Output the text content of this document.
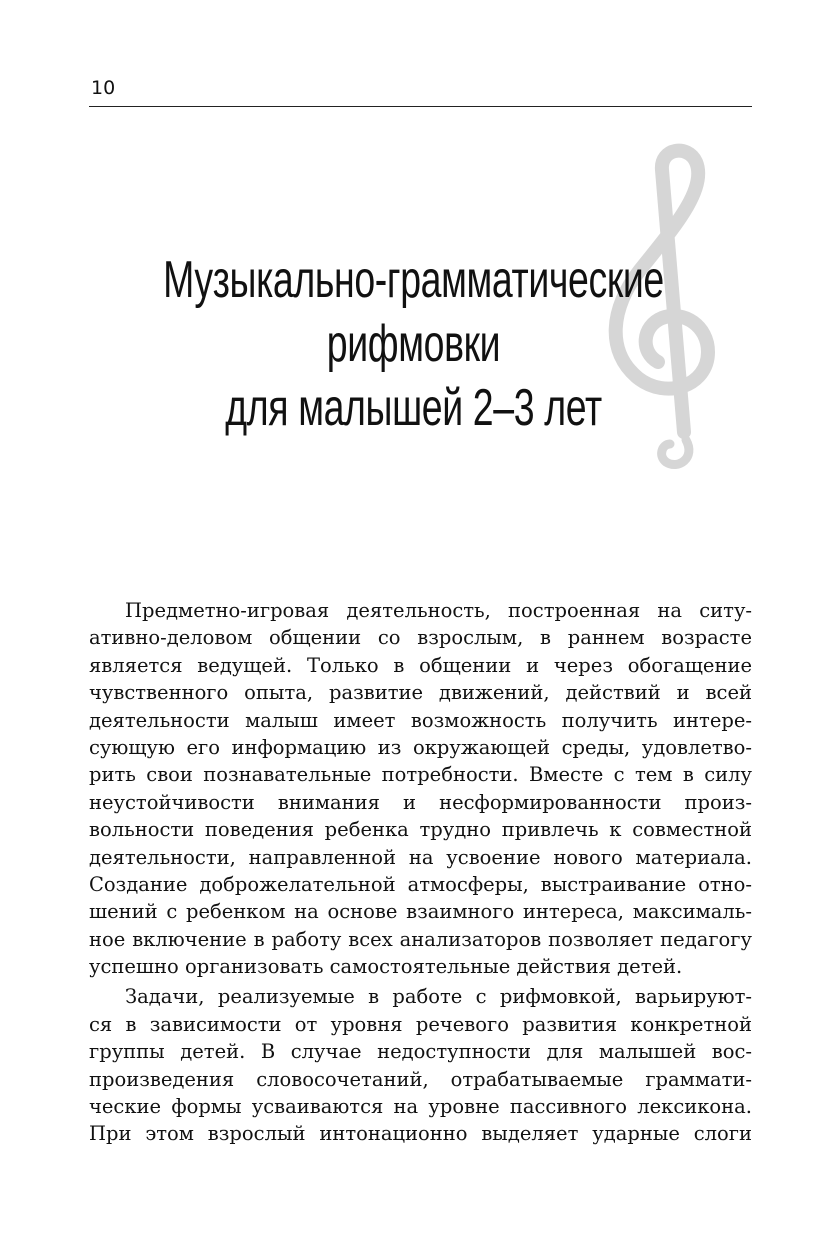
10
Музыкально-грамматические
рифмовки
для малышей 2–3 лет
Предметно-игровая деятельность, построенная на ситу-
ативно-деловом общении со взрослым, в раннем возрасте
является ведущей. Только в общении и через обогащение
чувственного опыта, развитие движений, действий и всей
деятельности малыш имеет возможность получить интере-
сующую его информацию из окружающей среды, удовлетво-
рить свои познавательные потребности. Вместе с тем в силу
неустойчивости внимания и несформированности произ-
вольности поведения ребенка трудно привлечь к совместной
деятельности, направленной на усвоение нового материала.
Создание доброжелательной атмосферы, выстраивание отно-
шений с ребенком на основе взаимного интереса, максималь-
ное включение в работу всех анализаторов позволяет педагогу
успешно организовать самостоятельные действия детей.
Задачи, реализуемые в работе с рифмовкой, варьируют-
ся в зависимости от уровня речевого развития конкретной
группы детей. В случае недоступности для малышей вос-
произведения словосочетаний, отрабатываемые граммати-
ческие формы усваиваются на уровне пассивного лексикона.
При этом взрослый интонационно выделяет ударные слоги
